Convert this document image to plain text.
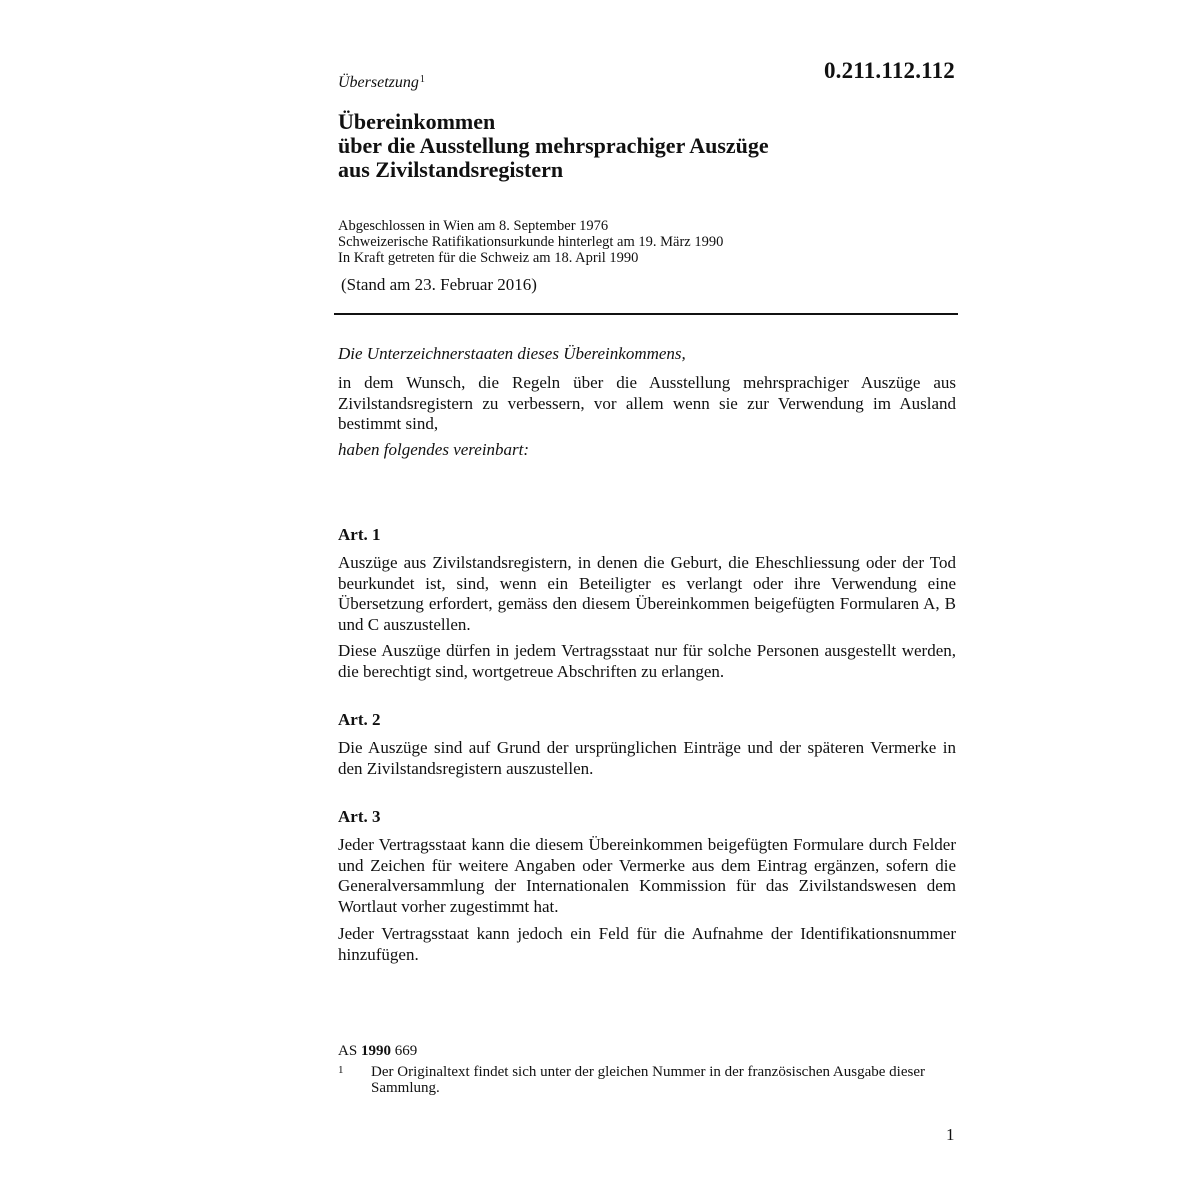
0.211.112.112

Übersetzung$^1$

Übereinkommen
über die Ausstellung mehrsprachiger Auszüge
aus Zivilstandsregistern
Abgeschlossen in Wien am 8. September 1976
Schweizerische Ratifikationsurkunde hinterlegt am 19. März 1990
In Kraft getreten für die Schweiz am 18. April 1990

(Stand am 23. Februar 2016)

Die Unterzeichnerstaaten dieses Übereinkommens,

in dem Wunsch, die Regeln über die Ausstellung mehrsprachiger Auszüge aus Zivilstandsregistern zu verbessern, vor allem wenn sie zur Verwendung im Ausland bestimmt sind,

haben folgendes vereinbart:

Art. 1

Auszüge aus Zivilstandsregistern, in denen die Geburt, die Eheschliessung oder der Tod beurkundet ist, sind, wenn ein Beteiligter es verlangt oder ihre Verwendung eine Übersetzung erfordert, gemäss den diesem Übereinkommen beigefügten Formularen A, B und C auszustellen.

Diese Auszüge dürfen in jedem Vertragsstaat nur für solche Personen ausgestellt werden, die berechtigt sind, wortgetreue Abschriften zu erlangen.

Art. 2

Die Auszüge sind auf Grund der ursprünglichen Einträge und der späteren Vermerke in den Zivilstandsregistern auszustellen.

Art. 3

Jeder Vertragsstaat kann die diesem Übereinkommen beigefügten Formulare durch Felder und Zeichen für weitere Angaben oder Vermerke aus dem Eintrag ergänzen, sofern die Generalversammlung der Internationalen Kommission für das Zivilstandswesen dem Wortlaut vorher zugestimmt hat.

Jeder Vertragsstaat kann jedoch ein Feld für die Aufnahme der Identifikationsnummer hinzufügen.

AS 1990 669

1 Der Originaltext findet sich unter der gleichen Nummer in der französischen Ausgabe dieser Sammlung.

1
